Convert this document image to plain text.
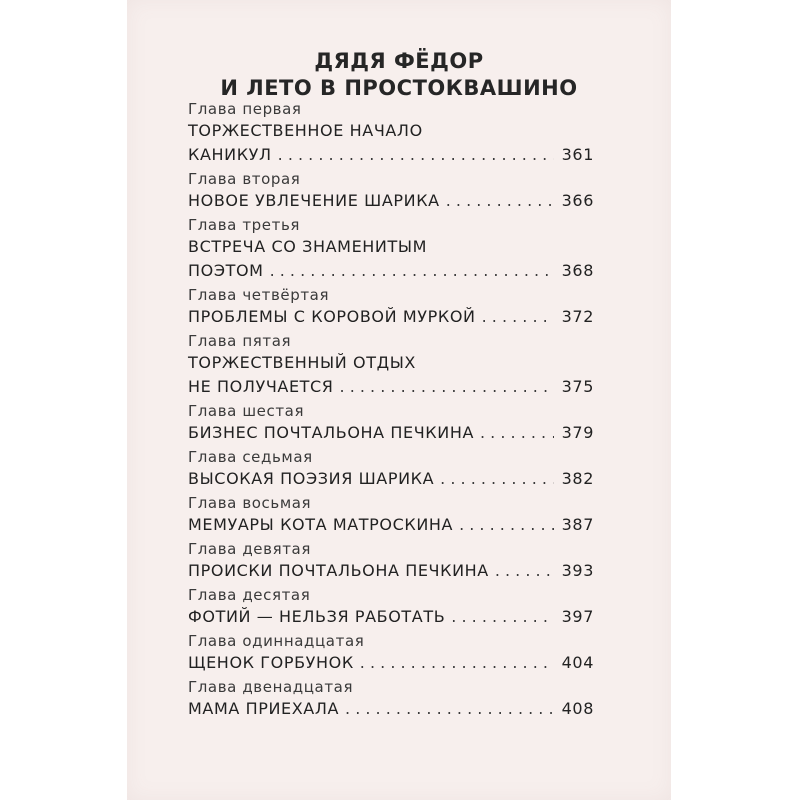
ДЯДЯ ФЁДОР
И ЛЕТО В ПРОСТОКВАШИНО
Глава первая
ТОРЖЕСТВЕННОЕ НАЧАЛО
КАНИКУЛ . . .	361
Глава вторая
НОВОЕ УВЛЕЧЕНИЕ ШАРИКА . . .	366
Глава третья
ВСТРЕЧА СО ЗНАМЕНИТЫМ
ПОЭТОМ . . .	368
Глава четвёртая
ПРОБЛЕМЫ С КОРОВОЙ МУРКОЙ . . .	372
Глава пятая
ТОРЖЕСТВЕННЫЙ ОТДЫХ
НЕ ПОЛУЧАЕТСЯ . . .	375
Глава шестая
БИЗНЕС ПОЧТАЛЬОНА ПЕЧКИНА . . .	379
Глава седьмая
ВЫСОКАЯ ПОЭЗИЯ ШАРИКА . . .	382
Глава восьмая
МЕМУАРЫ КОТА МАТРОСКИНА . . .	387
Глава девятая
ПРОИСКИ ПОЧТАЛЬОНА ПЕЧКИНА . . .	393
Глава десятая
ФОТИЙ — НЕЛЬЗЯ РАБОТАТЬ . . .	397
Глава одиннадцатая
ЩЕНОК ГОРБУНОК . . .	404
Глава двенадцатая
МАМА ПРИЕХАЛА . . .	408
